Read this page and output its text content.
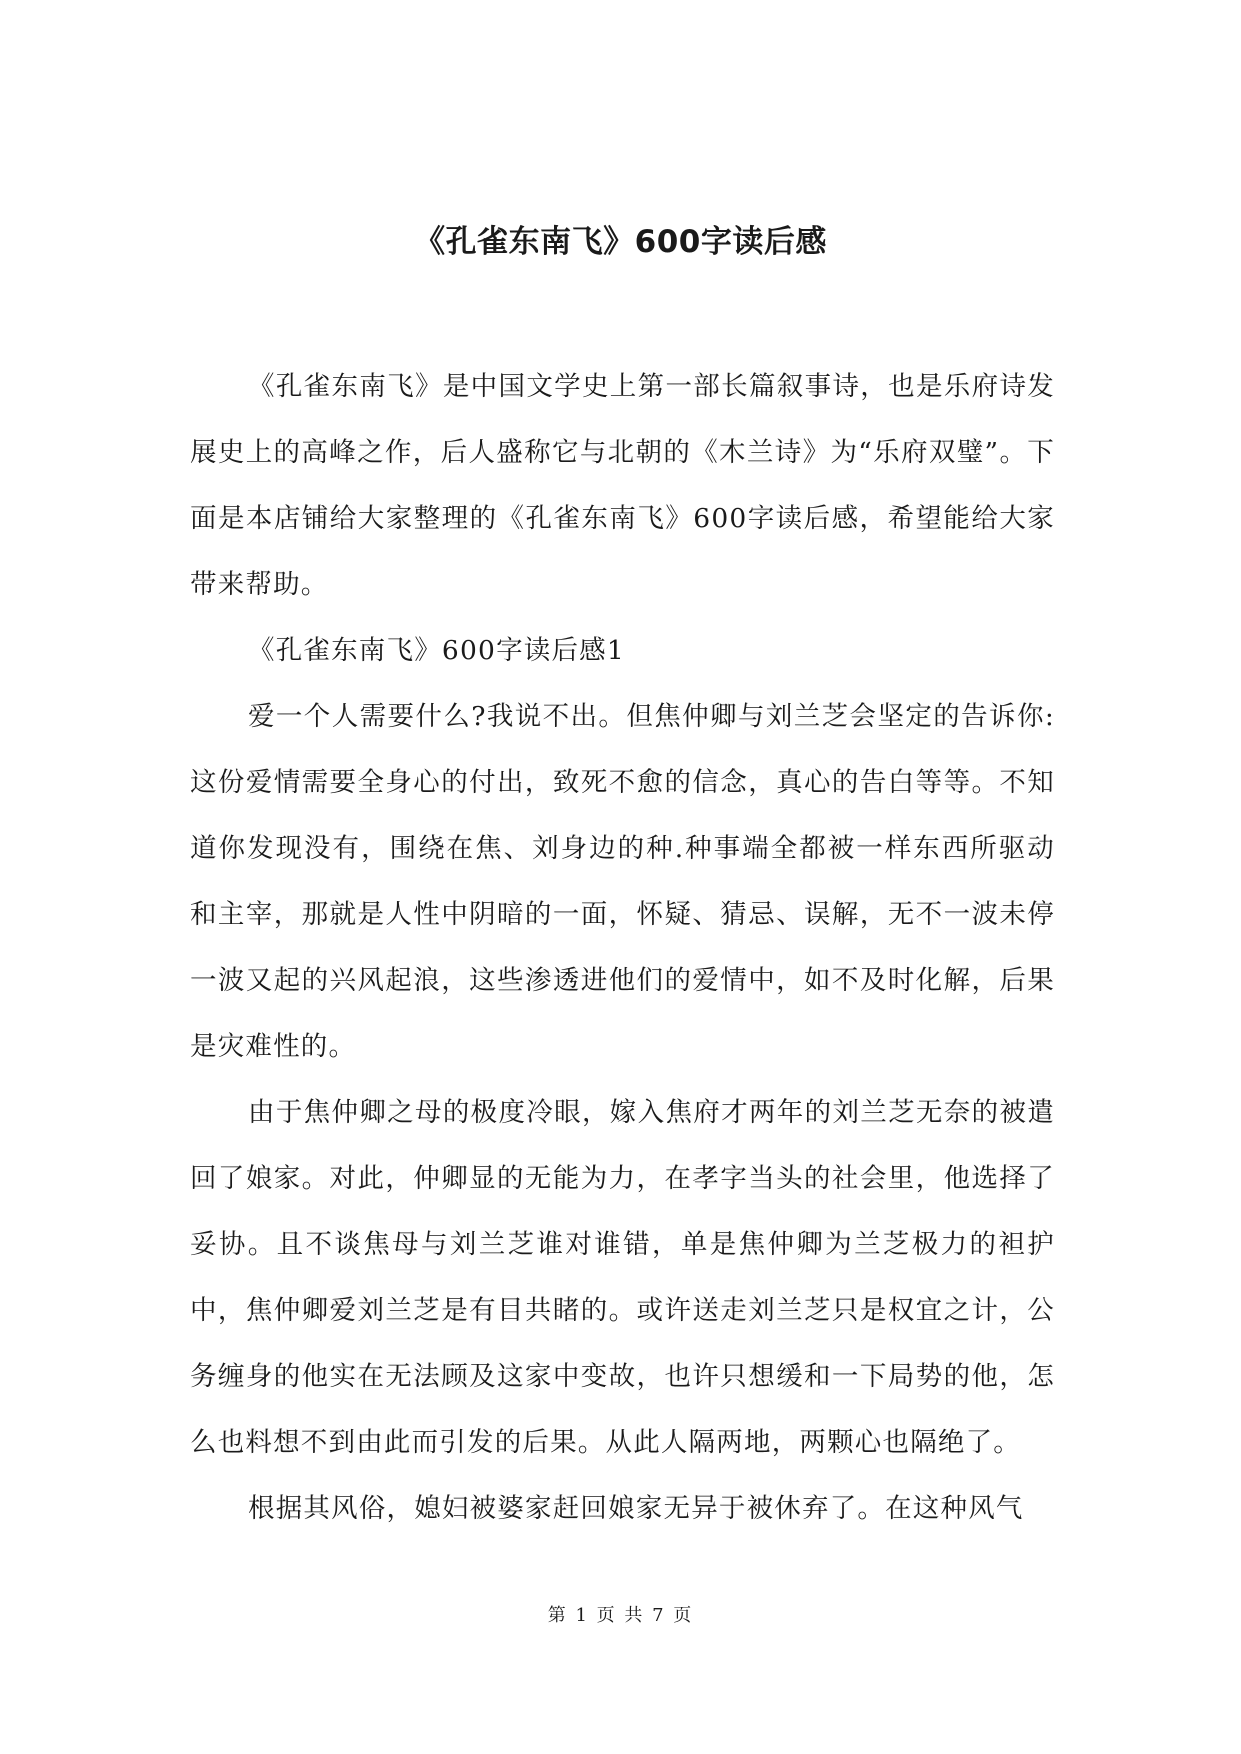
《孔雀东南飞》600字读后感

《孔雀东南飞》是中国文学史上第一部长篇叙事诗，也是乐府诗发展史上的高峰之作，后人盛称它与北朝的《木兰诗》为“乐府双璧”。下面是本店铺给大家整理的《孔雀东南飞》600字读后感，希望能给大家带来帮助。

《孔雀东南飞》600字读后感1

爱一个人需要什么?我说不出。但焦仲卿与刘兰芝会坚定的告诉你: 这份爱情需要全身心的付出，致死不愈的信念，真心的告白等等。不知道你发现没有，围绕在焦、刘身边的种.种事端全都被一样东西所驱动和主宰，那就是人性中阴暗的一面，怀疑、猜忌、误解，无不一波未停一波又起的兴风起浪，这些渗透进他们的爱情中，如不及时化解，后果是灾难性的。

由于焦仲卿之母的极度冷眼，嫁入焦府才两年的刘兰芝无奈的被遣回了娘家。对此，仲卿显的无能为力，在孝字当头的社会里，他选择了妥协。且不谈焦母与刘兰芝谁对谁错，单是焦仲卿为兰芝极力的袒护中，焦仲卿爱刘兰芝是有目共睹的。或许送走刘兰芝只是权宜之计，公务缠身的他实在无法顾及这家中变故，也许只想缓和一下局势的他，怎么也料想不到由此而引发的后果。从此人隔两地，两颗心也隔绝了。

根据其风俗，媳妇被婆家赶回娘家无异于被休弃了。在这种风气

第 1 页 共 7 页
